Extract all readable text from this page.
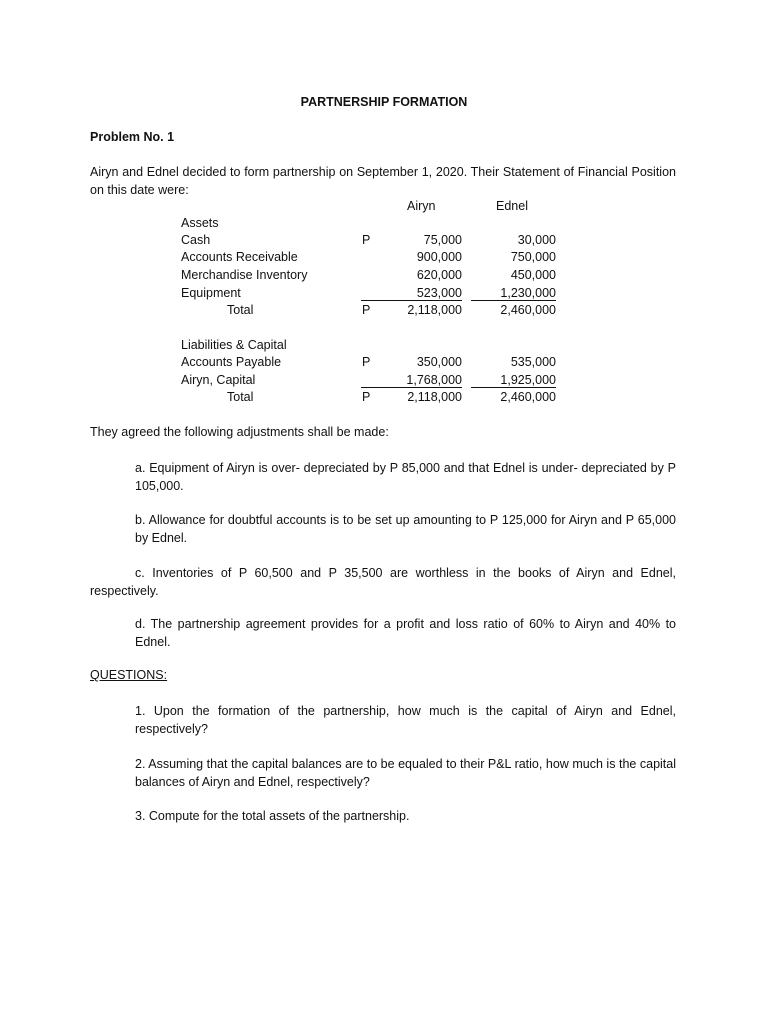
PARTNERSHIP FORMATION
Problem No. 1
Airyn and Ednel decided to form partnership on September 1, 2020. Their Statement of Financial Position on this date were:
Airyn	Ednel
Assets
Cash	P	75,000	30,000
Accounts Receivable	900,000	750,000
Merchandise Inventory	620,000	450,000
Equipment	523,000	1,230,000
Total	P	2,118,000	2,460,000
Liabilities & Capital
Accounts Payable	P	350,000	535,000
Airyn, Capital	1,768,000	1,925,000
Total	P	2,118,000	2,460,000
They agreed the following adjustments shall be made:
a. Equipment of Airyn is over- depreciated by P 85,000 and that Ednel is under- depreciated by P 105,000.
b. Allowance for doubtful accounts is to be set up amounting to P 125,000 for Airyn and P 65,000 by Ednel.
c. Inventories of P 60,500 and P 35,500 are worthless in the books of Airyn and Ednel, respectively.
d. The partnership agreement provides for a profit and loss ratio of 60% to Airyn and 40% to Ednel.
QUESTIONS:
1. Upon the formation of the partnership, how much is the capital of Airyn and Ednel, respectively?
2. Assuming that the capital balances are to be equaled to their P&L ratio, how much is the capital balances of Airyn and Ednel, respectively?
3. Compute for the total assets of the partnership.
